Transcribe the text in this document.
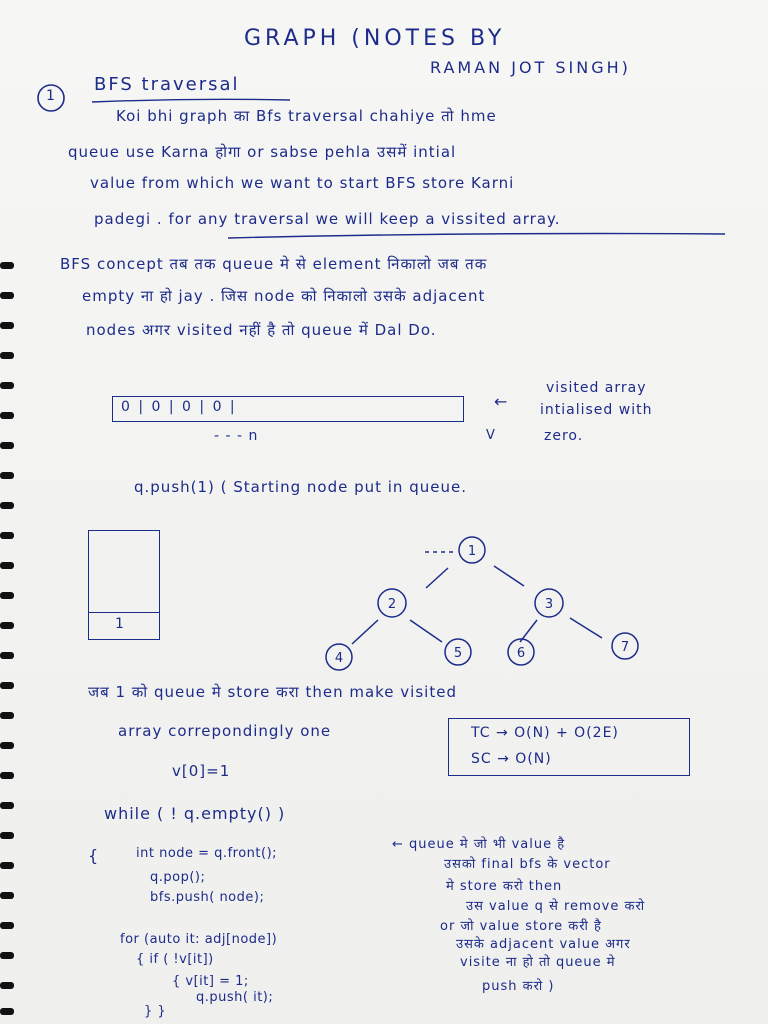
GRAPH (NOTES BY
RAMAN JOT SINGH)
1
BFS traversal
Koi bhi graph का Bfs traversal chahiye तो hme
queue use Karna होगा or sabse pehla उसमें intial
value from which we want to start BFS store Karni
padegi . for any traversal we will keep a vissited array.
BFS concept तब तक queue मे से element निकालो जब तक
empty ना हो jay . जिस node को निकालो उसके adjacent
nodes अगर visited नहीं है तो queue में Dal Do.
0 | 0 | 0 | 0 |
- - - n
←
V
visited array
intialised with
zero.
q.push(1) ( Starting node put in queue.
1
1
2	3
4	5	6	7
जब 1 को queue मे store करा then make visited
array correpondingly one
v[0]=1
TC → O(N) + O(2E)
SC → O(N)
while ( ! q.empty() )
{	int node = q.front();
q.pop();
bfs.push( node);
for (auto it: adj[node])
{ if ( !v[it])
{ v[it] = 1;
q.push( it);
} }
← queue मे जो भी value है
उसको final bfs के vector
मे store करो then
उस value q से remove करो
or जो value store करी है
उसके adjacent value अगर
visite ना हो तो queue मे
push करो )
